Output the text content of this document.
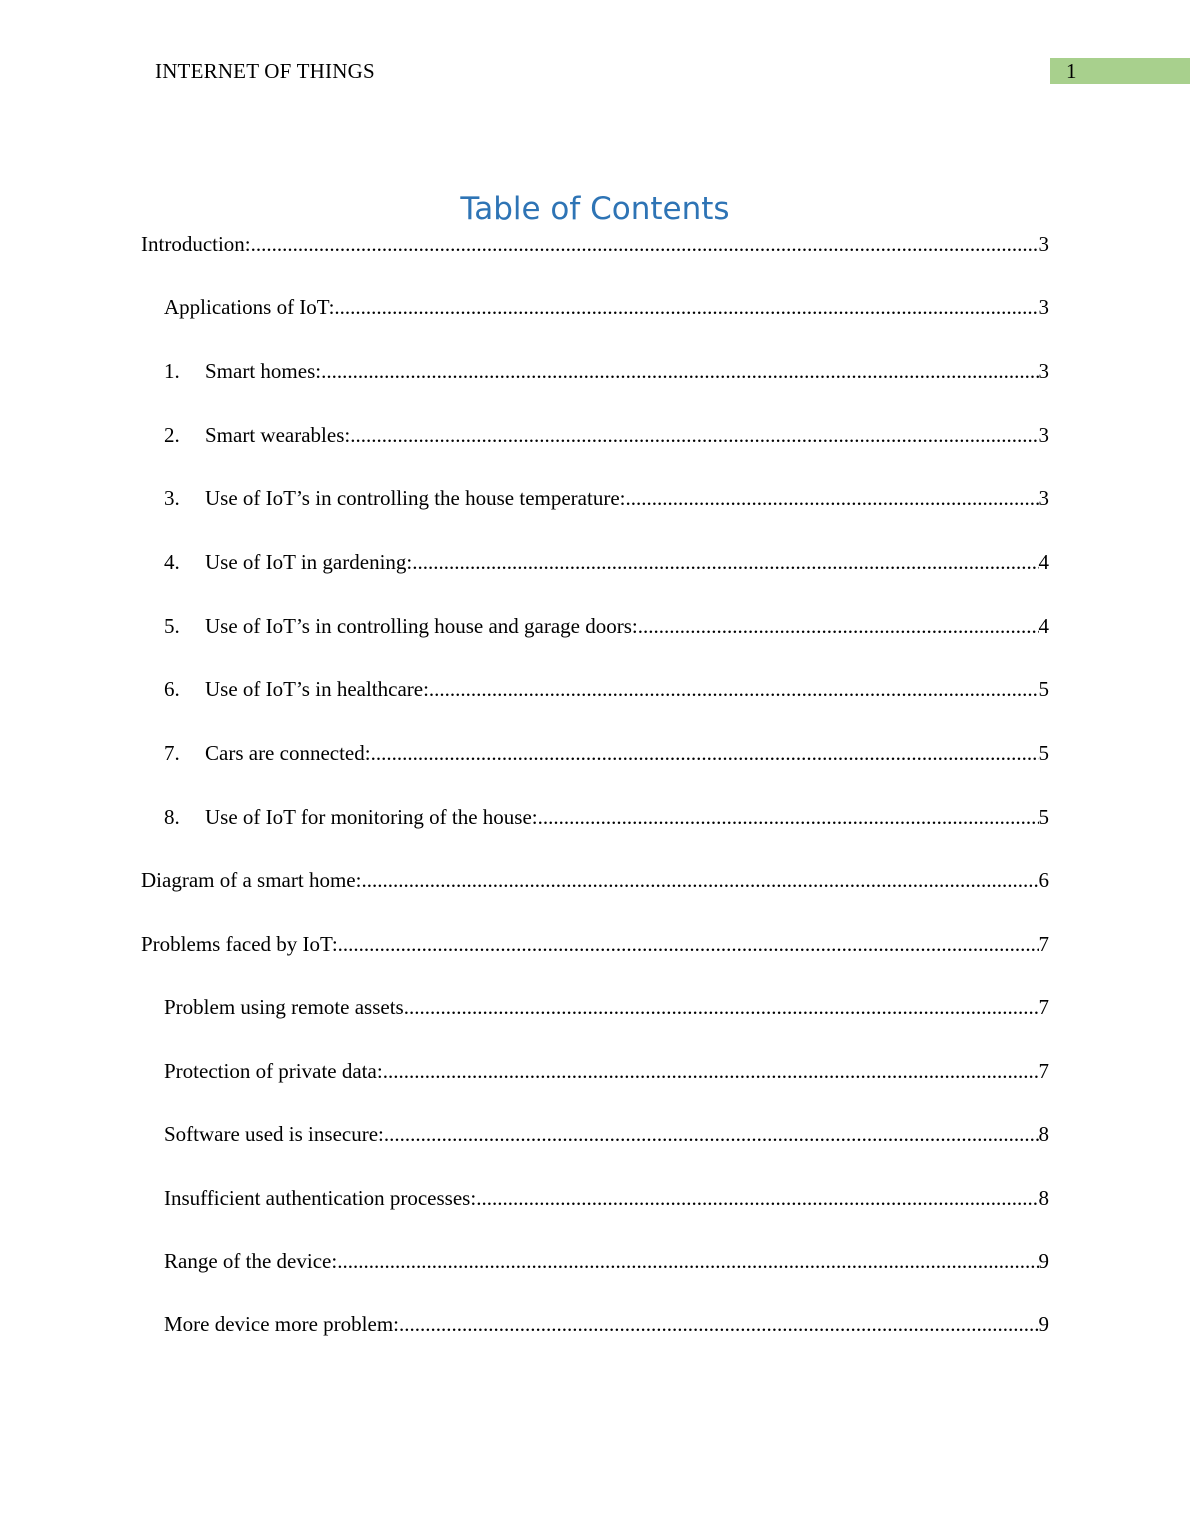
INTERNET OF THINGS	1
Table of Contents
Introduction: .....	3
Applications of IoT: .....	3
1.	Smart homes: .....	3
2.	Smart wearables: .....	3
3.	Use of IoT’s in controlling the house temperature: .....	3
4.	Use of IoT in gardening: .....	4
5.	Use of IoT’s in controlling house and garage doors: .....	4
6.	Use of IoT’s in healthcare: .....	5
7.	Cars are connected: .....	5
8.	Use of IoT for monitoring of the house: .....	5
Diagram of a smart home: .....	6
Problems faced by IoT: .....	7
Problem using remote assets .....	7
Protection of private data: .....	7
Software used is insecure: .....	8
Insufficient authentication processes: .....	8
Range of the device: .....	9
More device more problem: .....	9
